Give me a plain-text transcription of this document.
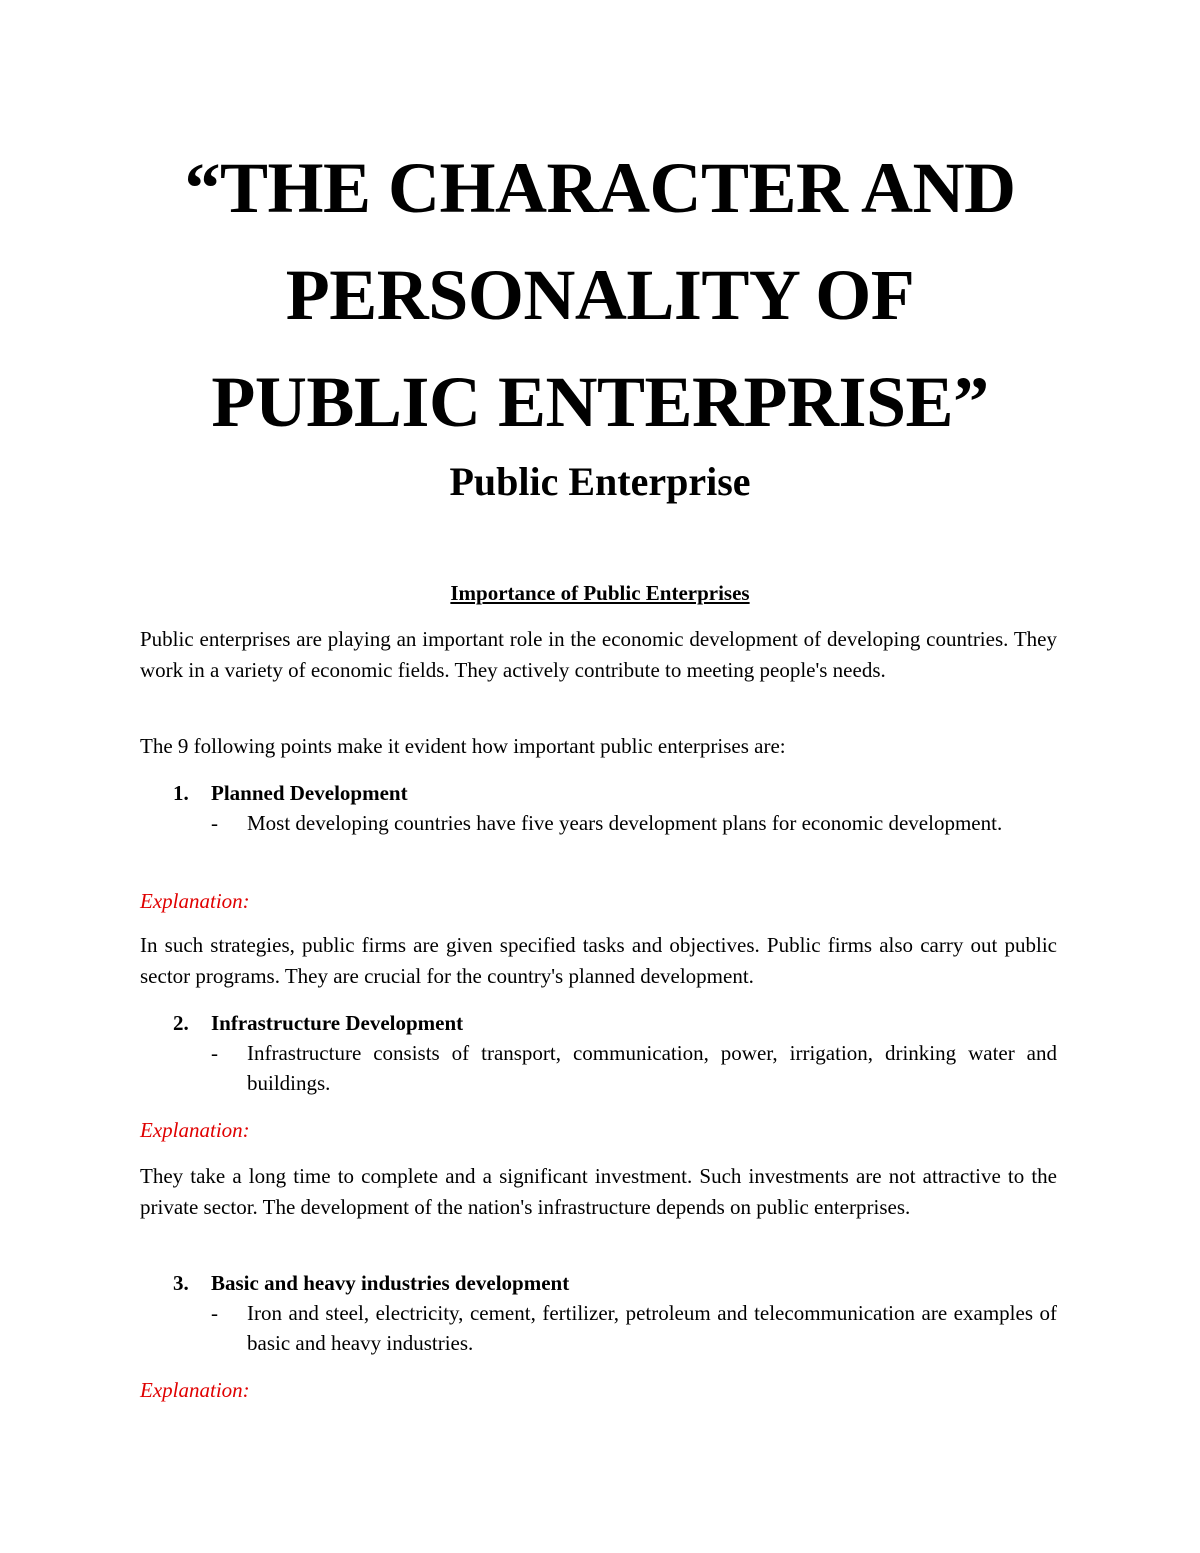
“THE CHARACTER AND
PERSONALITY OF
PUBLIC ENTERPRISE”
Public Enterprise
Importance of Public Enterprises

Public enterprises are playing an important role in the economic development of developing countries. They work in a variety of economic fields. They actively contribute to meeting people's needs.

The 9 following points make it evident how important public enterprises are:

1. Planned Development
- Most developing countries have five years development plans for economic development.

Explanation:

In such strategies, public firms are given specified tasks and objectives. Public firms also carry out public sector programs. They are crucial for the country's planned development.

2. Infrastructure Development
- Infrastructure consists of transport, communication, power, irrigation, drinking water and buildings.

Explanation:

They take a long time to complete and a significant investment. Such investments are not attractive to the private sector. The development of the nation's infrastructure depends on public enterprises.

3. Basic and heavy industries development
- Iron and steel, electricity, cement, fertilizer, petroleum and telecommunication are examples of basic and heavy industries.

Explanation:
